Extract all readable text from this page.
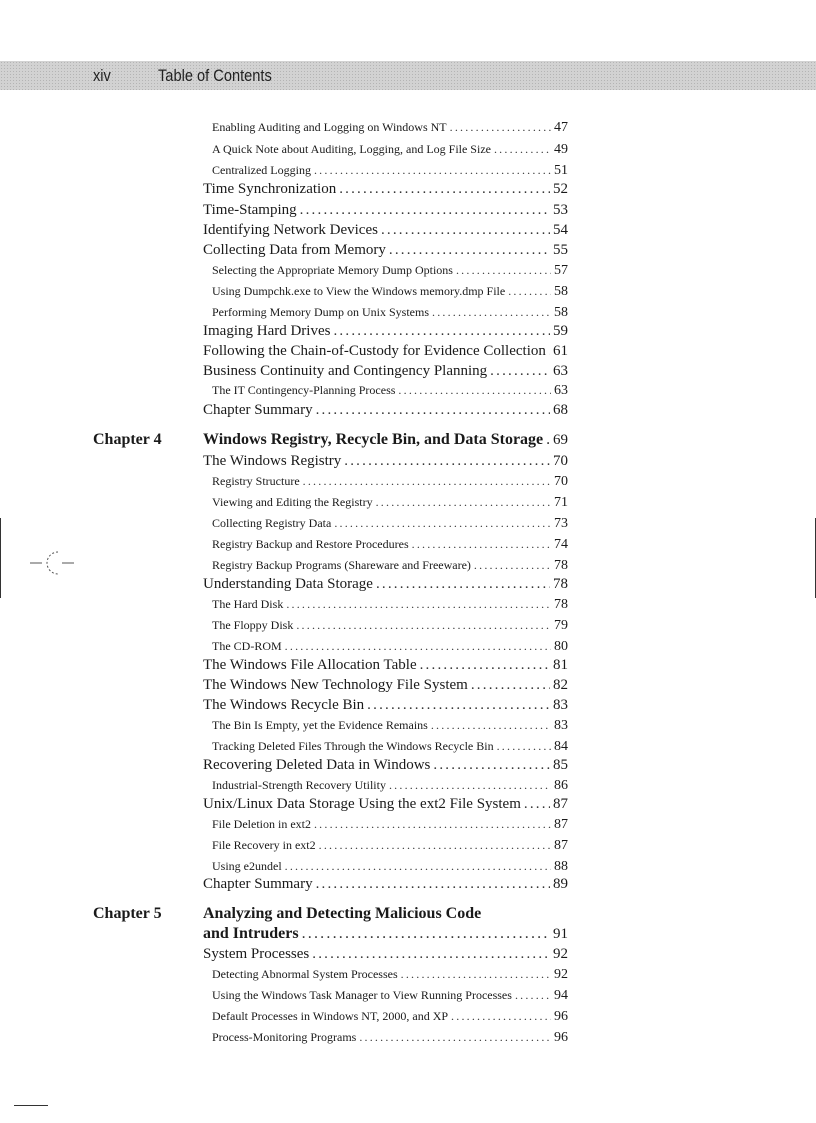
xiv	Table of Contents
Enabling Auditing and Logging on Windows NT .....	47
A Quick Note about Auditing, Logging, and Log File Size .....	49
Centralized Logging .....	51
Time Synchronization .....	52
Time-Stamping .....	53
Identifying Network Devices .....	54
Collecting Data from Memory .....	55
Selecting the Appropriate Memory Dump Options .....	57
Using Dumpchk.exe to View the Windows memory.dmp File .....	58
Performing Memory Dump on Unix Systems .....	58
Imaging Hard Drives .....	59
Following the Chain-of-Custody for Evidence Collection ..... 61
Business Continuity and Contingency Planning .....	63
The IT Contingency-Planning Process .....	63
Chapter Summary .....	68
Chapter 4	Windows Registry, Recycle Bin, and Data Storage ..... 69
The Windows Registry .....	70
Registry Structure .....	70
Viewing and Editing the Registry .....	71
Collecting Registry Data .....	73
Registry Backup and Restore Procedures .....	74
Registry Backup Programs (Shareware and Freeware) .....	78
Understanding Data Storage .....	78
The Hard Disk .....	78
The Floppy Disk .....	79
The CD-ROM .....	80
The Windows File Allocation Table .....	81
The Windows New Technology File System .....	82
The Windows Recycle Bin .....	83
The Bin Is Empty, yet the Evidence Remains .....	83
Tracking Deleted Files Through the Windows Recycle Bin .....	84
Recovering Deleted Data in Windows .....	85
Industrial-Strength Recovery Utility .....	86
Unix/Linux Data Storage Using the ext2 File System ..... 87
File Deletion in ext2 .....	87
File Recovery in ext2 .....	87
Using e2undel .....	88
Chapter Summary .....	89
Chapter 5	Analyzing and Detecting Malicious Code
and Intruders .....	91
System Processes .....	92
Detecting Abnormal System Processes .....	92
Using the Windows Task Manager to View Running Processes .....	94
Default Processes in Windows NT, 2000, and XP .....	96
Process-Monitoring Programs .....	96
